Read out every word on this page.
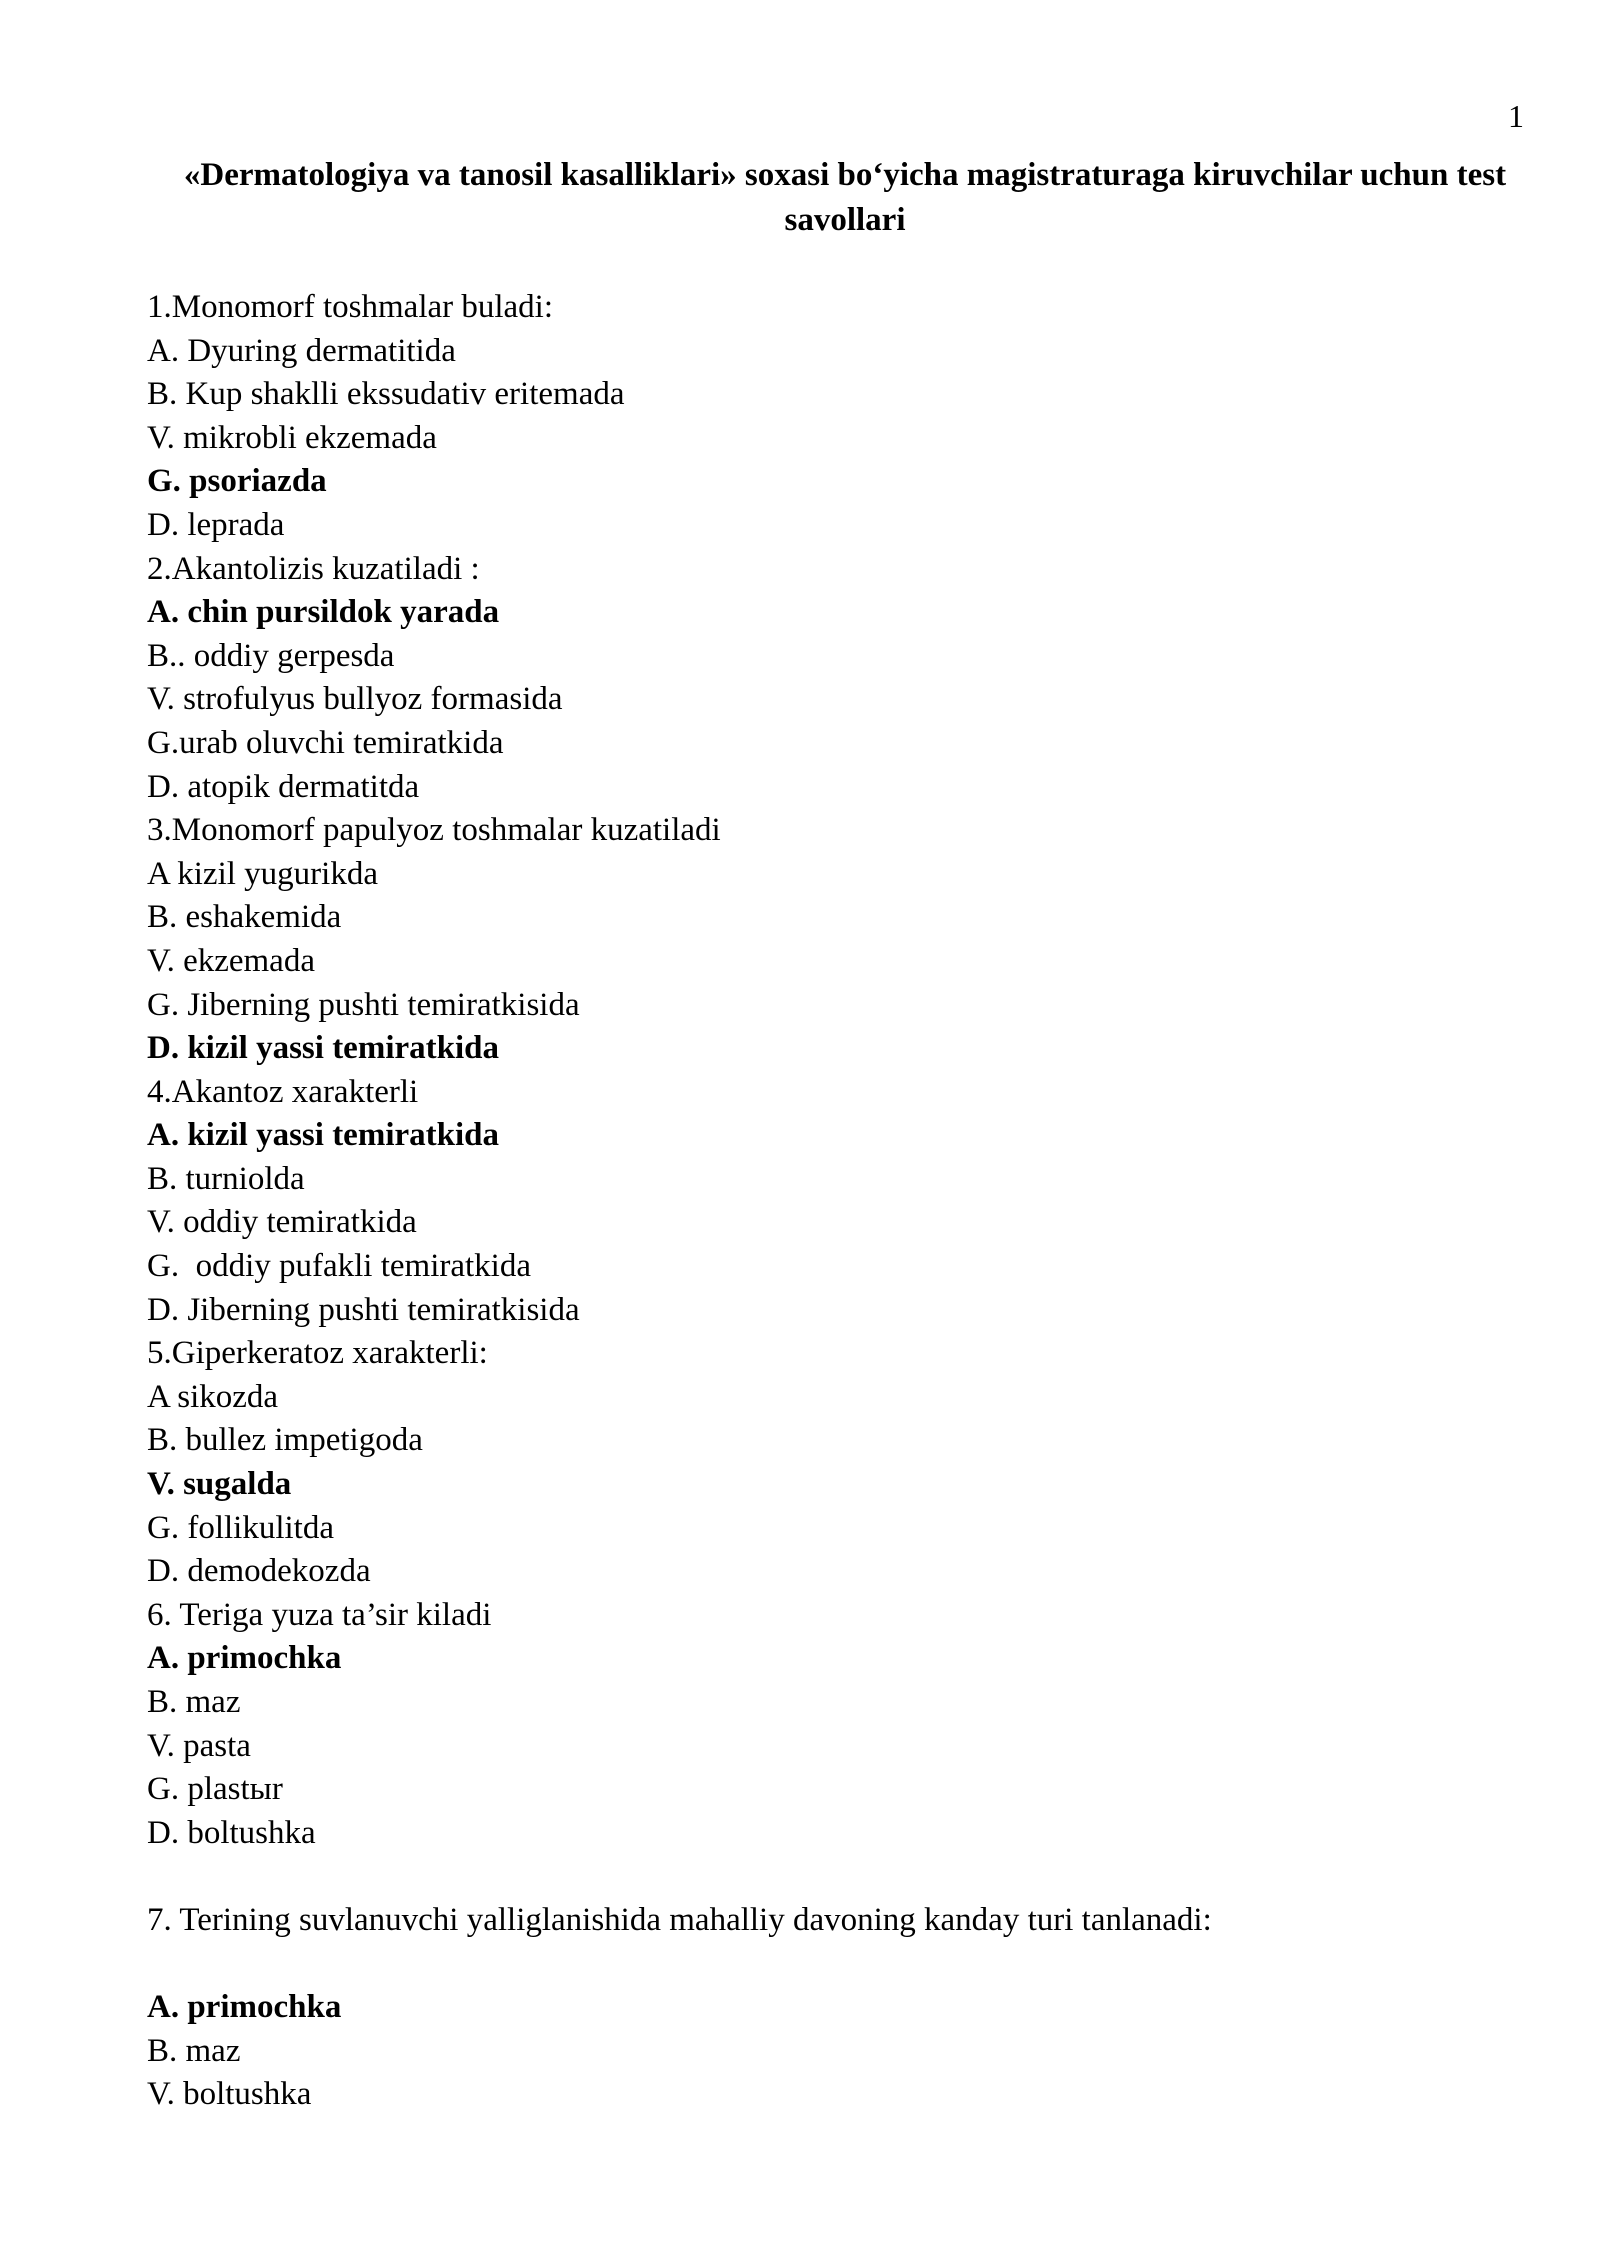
1
«Dermatologiya va tanosil kasalliklari» soxasi bo‘yicha magistraturaga kiruvchilar uchun test savollari
1.Monomorf toshmalar buladi:
A. Dyuring dermatitida
B. Kup shaklli ekssudativ eritemada
V. mikrobli ekzemada
G. psoriazda
D. leprada
2.Akantolizis kuzatiladi :
A. chin pursildok yarada
B.. oddiy gerpesda
V. strofulyus bullyoz formasida
G.urab oluvchi temiratkida
D. atopik dermatitda
3.Monomorf papulyoz toshmalar kuzatiladi
A kizil yugurikda
B. eshakemida
V. ekzemada
G. Jiberning pushti temiratkisida
D. kizil yassi temiratkida
4.Akantoz xarakterli
A. kizil yassi temiratkida
B. turniolda
V. oddiy temiratkida
G.  oddiy pufakli temiratkida
D. Jiberning pushti temiratkisida
5.Giperkeratoz xarakterli:
A sikozda
B. bullez impetigoda
V. sugalda
G. follikulitda
D. demodekozda
6. Teriga yuza ta’sir kiladi
A. primochka
B. maz
V. pasta
G. plastыr
D. boltushka
7. Terining suvlanuvchi yalliglanishida mahalliy davoning kanday turi tanlanadi:
A. primochka
B. maz
V. boltushka
